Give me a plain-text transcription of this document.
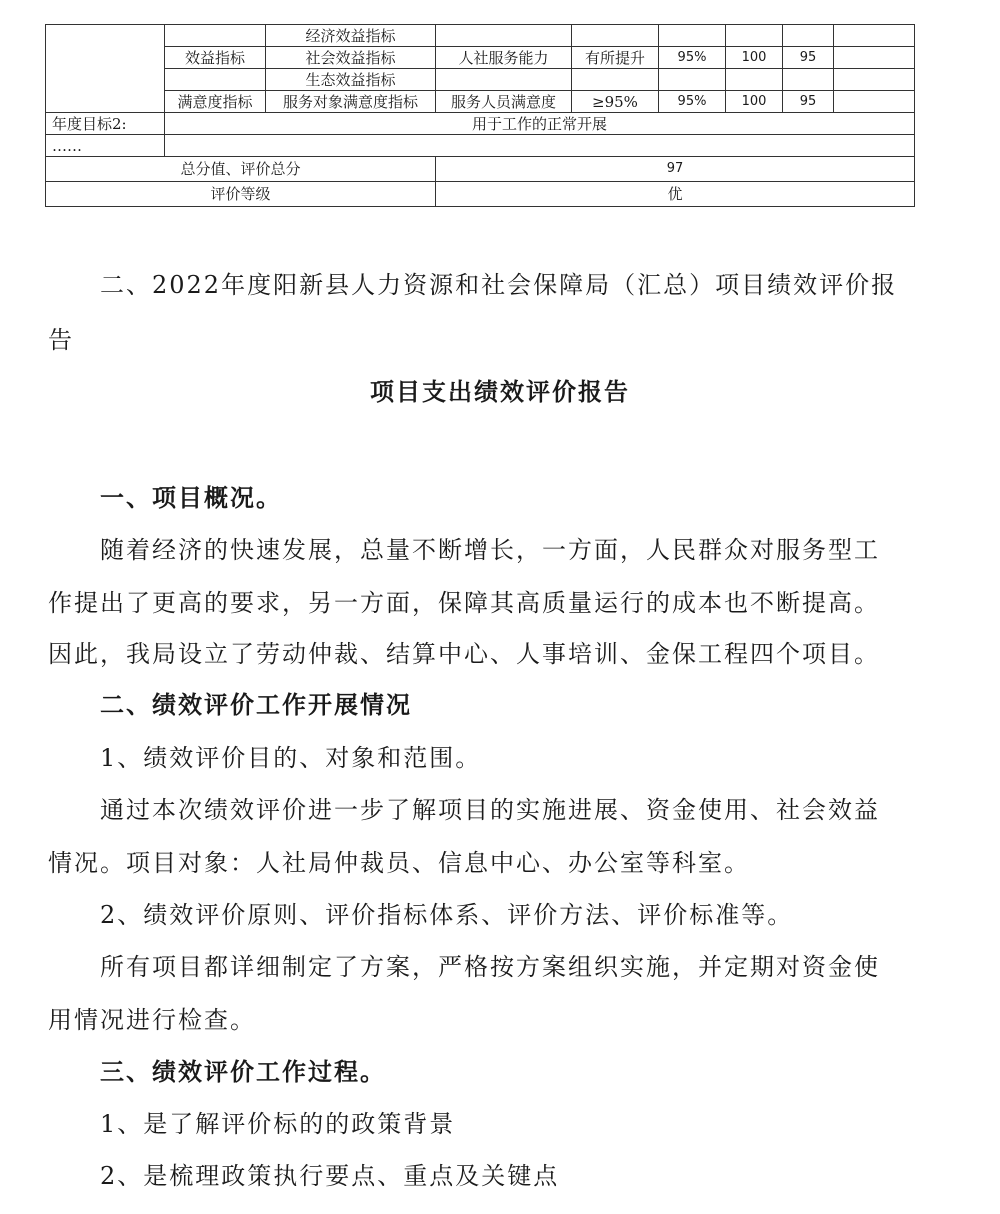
		经济效益指标						
	效益指标	社会效益指标	人社服务能力	有所提升	95%	100	95	
		生态效益指标						
	满意度指标	服务对象满意度指标	服务人员满意度	≥95%	95%	100	95	
年度目标2:	用于工作的正常开展							
……								
总分值、评价总分			97					
评价等级			优					
二、2022年度阳新县人力资源和社会保障局（汇总）项目绩效评价报
告
项目支出绩效评价报告
一、项目概况。
随着经济的快速发展，总量不断增长，一方面，人民群众对服务型工
作提出了更高的要求，另一方面，保障其高质量运行的成本也不断提高。
因此，我局设立了劳动仲裁、结算中心、人事培训、金保工程四个项目。
二、绩效评价工作开展情况
1、绩效评价目的、对象和范围。
通过本次绩效评价进一步了解项目的实施进展、资金使用、社会效益
情况。项目对象：人社局仲裁员、信息中心、办公室等科室。
2、绩效评价原则、评价指标体系、评价方法、评价标准等。
所有项目都详细制定了方案，严格按方案组织实施，并定期对资金使
用情况进行检查。
三、绩效评价工作过程。
1、是了解评价标的的政策背景
2、是梳理政策执行要点、重点及关键点
